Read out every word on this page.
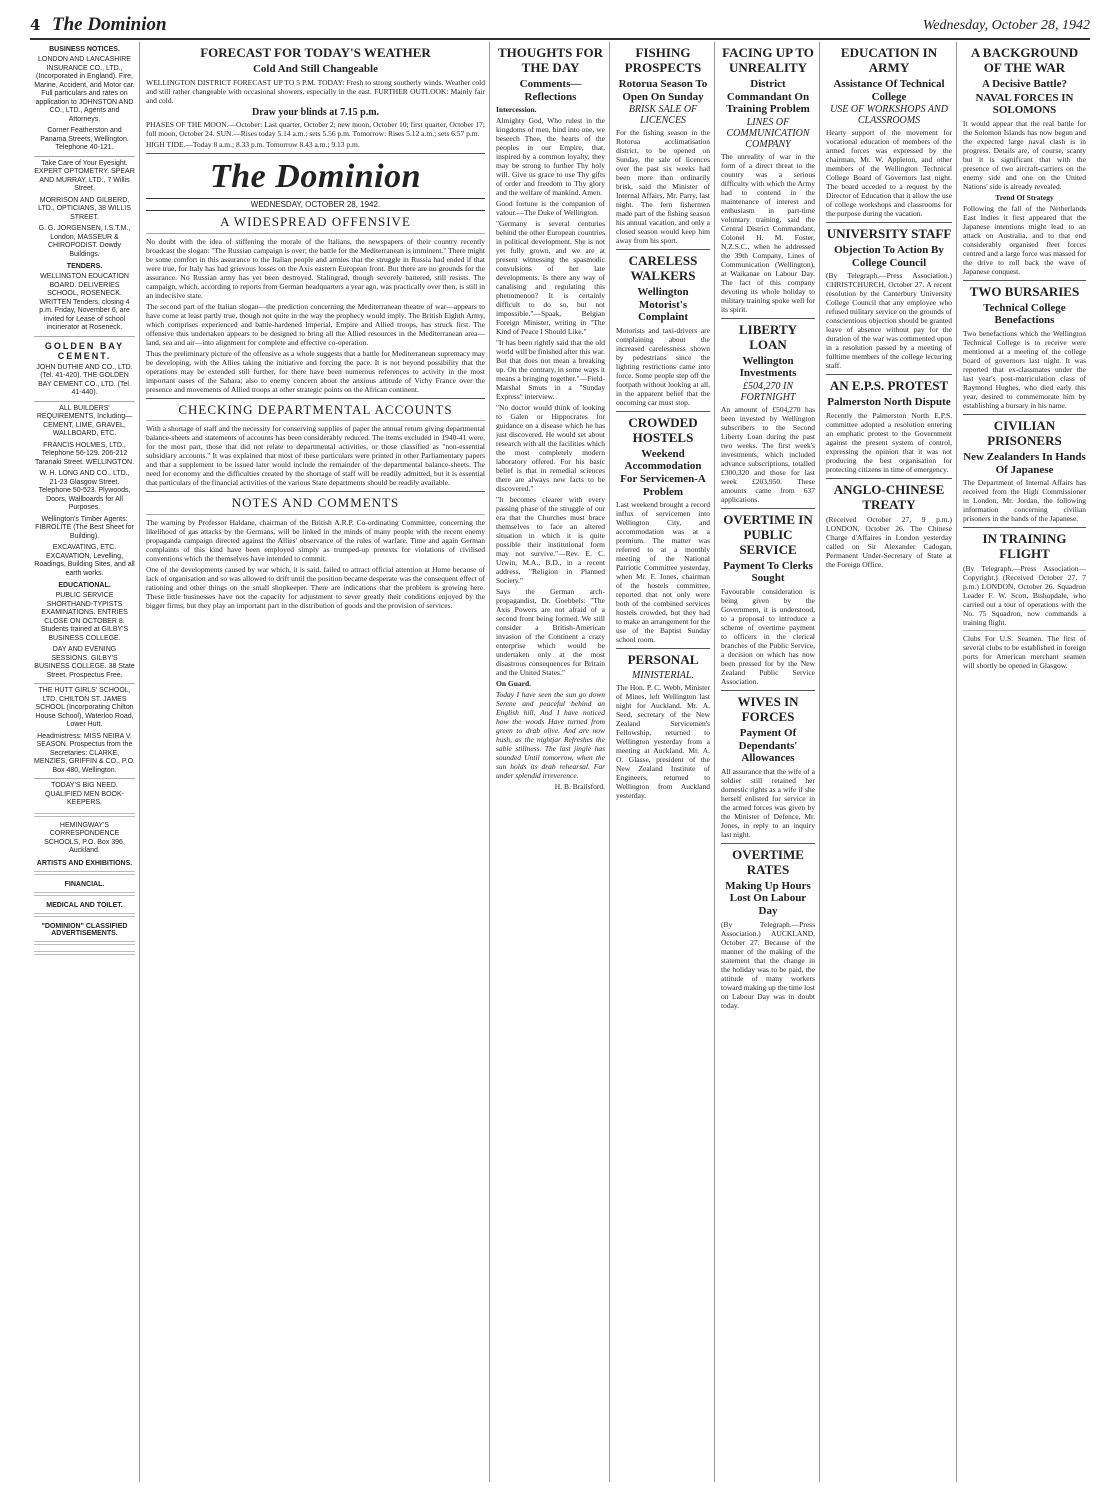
4 The Dominion	Wednesday, October 28, 1942
BUSINESS NOTICES.
LONDON AND LANCASHIRE INSURANCE CO., LTD., (Incorporated in England). Fire, Marine, Accident, and Motor car. Full particulars and rates on application to JOHNSTON AND CO., LTD., Agents and Attorneys.
Corner Featherston and Panama Streets, Wellington. Telephone 40-121.
Take Care of Your Eyesight. EXPERT OPTOMETRY. SPEAR AND MURRAY, LTD., 7 Willis Street.
MORRISON AND GILBERD, LTD., OPTICIANS, 38 WILLIS STREET.
G. G. JORGENSEN, I.S.T.M., London, MASSEUR & CHIROPODIST. Dowdy Buildings.
TENDERS.
WELLINGTON EDUCATION BOARD. DELIVERIES SCHOOL, ROSENECK. WRITTEN Tenders, closing 4 p.m. Friday, November 6, are invited for Lease of school incinerator at Roseneck.
GOLDEN BAY CEMENT.
JOHN DUTHIE AND CO., LTD. (Tel. 41-420). THE GOLDEN BAY CEMENT CO., LTD. (Tel. 41-440).
ALL BUILDERS' REQUIREMENTS, Including— CEMENT, LIME, GRAVEL, WALLBOARD, ETC.
FRANCIS HOLMES, LTD., Telephone 56-129. 206-212 Taranaki Street. WELLINGTON.
W. H. LONG AND CO., LTD., 21-23 Glasgow Street. Telephone 50-523. Plywoods, Doors, Wallboards for All Purposes.
Wellington's Timber Agents: FIBROLITE (The Best Sheet for Building).
EXCAVATING, ETC. EXCAVATION, Levelling, Roadings, Building Sites, and all earth works.
EDUCATIONAL.
PUBLIC SERVICE SHORTHAND-TYPISTS EXAMINATIONS. ENTRIES CLOSE ON OCTOBER 8. Students trained at GILBY'S BUSINESS COLLEGE.
DAY AND EVENING SESSIONS. GILBY'S BUSINESS COLLEGE. 38 State Street. Prospectus Free.
THE HUTT GIRLS' SCHOOL, LTD. CHILTON ST. JAMES SCHOOL (Incorporating Chilton House School), Waterloo Road, Lower Hutt.
Headmistress: MISS NEIRA V. SEASON. Prospectus from the Secretaries: CLARKE, MENZIES, GRIFFIN & CO., P.O. Box 480, Wellington.
TODAY'S BIG NEED. QUALIFIED MEN BOOK-KEEPERS.
HEMINGWAY'S CORRESPONDENCE SCHOOLS, P.O. Box 396, Auckland.
ARTISTS AND EXHIBITIONS.
FINANCIAL.
MEDICAL AND TOILET.
"DOMINION" CLASSIFIED ADVERTISEMENTS.
FORECAST FOR TODAY'S WEATHER
Cold And Still Changeable
WELLINGTON DISTRICT FORECAST UP TO 5 P.M. TODAY: Fresh to strong southerly winds. Weather cold and still rather changeable with occasional showers, especially in the east. FURTHER OUTLOOK: Mainly fair and cold.
Draw your blinds at 7.15 p.m.
PHASES OF THE MOON.—October: Last quarter, October 2; new moon, October 10; first quarter, October 17; full moon, October 24. SUN.—Rises today 5.14 a.m.; sets 5.56 p.m. Tomorrow: Rises 5.12 a.m.; sets 6.57 p.m.
HIGH TIDE.—Today 8 a.m.; 8.33 p.m. Tomorrow 8.43 a.m.; 9.13 p.m.
The Dominion
WEDNESDAY, OCTOBER 28, 1942.
A WIDESPREAD OFFENSIVE
No doubt with the idea of stiffening the morale of the Italians, the newspapers of their country recently broadcast the slogan: "The Russian campaign is over; the battle for the Mediterranean is imminent." There might be some comfort in this assurance to the Italian people and armies that the struggle in Russia had ended if that were true, for Italy has had grievous losses on the Axis eastern European front. But there are no grounds for the assurance. No Russian army has yet been destroyed. Stalingrad, though severely battered, still resists. The campaign, which, according to reports from German headquarters a year ago, was practically over then, is still in an indecisive state.
The second part of the Italian slogan—the prediction concerning the Mediterranean theatre of war—appears to have come at least partly true, though not quite in the way the prophecy would imply. The British Eighth Army, which comprises experienced and battle-hardened Imperial, Empire and Allied troops, has struck first. The offensive thus undertaken appears to be designed to bring all the Allied resources in the Mediterranean area—land, sea and air—into alignment for complete and effective co-operation.
Thus the preliminary picture of the offensive as a whole suggests that a battle for Mediterranean supremacy may be developing, with the Allies taking the initiative and forcing the pace. It is not beyond possibility that the operations may be extended still further, for there have been numerous references to activity in the most important oases of the Sahara; also to enemy concern about the anxious attitude of Vichy France over the presence and movements of Allied troops at other strategic points on the African continent.
CHECKING DEPARTMENTAL ACCOUNTS
With a shortage of staff and the necessity for conserving supplies of paper the annual return giving departmental balance-sheets and statements of accounts has been considerably reduced. The items excluded in 1940-41 were, for the most part, those that did not relate to departmental activities, or those classified as "non-essential subsidiary accounts." It was explained that most of these particulars were printed in other Parliamentary papers and that a supplement to be issued later would include the remainder of the departmental balance-sheets. The need for economy and the difficulties created by the shortage of staff will be readily admitted, but it is essential that particulars of the financial activities of the various State departments should be readily available.
NOTES AND COMMENTS
The warning by Professor Haldane, chairman of the British A.R.P. Co-ordinating Committee, concerning the likelihood of gas attacks by the Germans, will be linked in the minds of many people with the recent enemy propaganda campaign directed against the Allies' observance of the rules of warfare. Time and again German complaints of this kind have been employed simply as trumped-up pretexts for violations of civilised conventions which the themselves have intended to commit.
One of the developments caused by war which, it is said, failed to attract official attention at Home because of lack of organisation and so was allowed to drift until the position became desperate was the consequent effect of rationing and other things on the small shopkeeper. There are indications that the problem is growing here. These little businesses have not the capacity for adjustment to sever greatly their conditions enjoyed by the bigger firms, but they play an important part in the distribution of goods and the provision of services.
THOUGHTS FOR THE DAY
Comments—Reflections
Intercession.
Almighty God, Who rulest in the kingdoms of men, bind into one, we beseech Thee, the hearts of the peoples in our Empire, that, inspired by a common loyalty, they may be strong to further Thy holy will. Give us grace to use Thy gifts of order and freedom to Thy glory and the welfare of mankind. Amen.
Good fortune is the companion of valour.—The Duke of Wellington.
"Germany is several centuries behind the other European countries in political development. She is not yet fully grown, and we are at present witnessing the spasmodic convulsions of her late developments. Is there any way of canalising and regulating this phenomenon? It is certainly difficult to do so, but not impossible."—Spaak, Belgian Foreign Minister, writing in "The Kind of Peace I Should Like."
"It has been rightly said that the old world will be finished after this war. But that does not mean a breaking up. On the contrary, in some ways it means a bringing together."—Field-Marshal Smuts in a "Sunday Express" interview.
"No doctor would think of looking to Galen or Hippocrates for guidance on a disease which he has just discovered. He would set about research with all the facilities which the most completely modern laboratory offered. For his basic belief is that in remedial sciences there are always new facts to be discovered."
"It becomes clearer with every passing phase of the struggle of our era that the Churches must brace themselves to face an altered situation in which it is quite possible their institutional form may not survive."—Rev. E. C. Urwin, M.A., B.D., in a recent address, "Religion in Planned Society."
Says the German arch-propagandist, Dr. Goebbels: "The Axis Powers are not afraid of a second front being formed. We still consider a British-American invasion of the Continent a crazy enterprise which would be undertaken only at the most disastrous consequences for Britain and the United States."
On Guard.
Today I have seen the sun go down Serene and peaceful behind an English hill, And I have noticed how the woods Have turned from green to drab olive. And are now hush, as the nightjar Refreshes the sable stillness. The last jingle has sounded Until tomorrow, when the sun holds its drab rehearsal. Far under splendid irreverence.
H. B. Brailsford.
FISHING PROSPECTS
Rotorua Season To Open On Sunday
BRISK SALE OF LICENCES
For the fishing season in the Rotorua acclimatisation district, to be opened on Sunday, the sale of licences over the past six weeks had been more than ordinarily brisk, said the Minister of Internal Affairs, Mr. Parry, last night. The fern fishermen made part of the fishing season his annual vacation, and only a closed season would keep him away from his sport.
CARELESS WALKERS
Wellington Motorist's Complaint
Motorists and taxi-drivers are complaining about the increased carelessness shown by pedestrians since the lighting restrictions came into force. Some people step off the footpath without looking at all, in the apparent belief that the oncoming car must stop.
CROWDED HOSTELS
Weekend Accommodation For Servicemen-A Problem
Last weekend brought a record influx of servicemen into Wellington City, and accommodation was at a premium. The matter was referred to at a monthly meeting of the National Patriotic Committee yesterday, when Mr. F. Jones, chairman of the hostels committee, reported that not only were both of the combined services hostels crowded, but they had to make an arrangement for the use of the Baptist Sunday school room.
PERSONAL
MINISTERIAL.
The Hon. P. C. Webb, Minister of Mines, left Wellington last night for Auckland. Mr. A. Seed, secretary of the New Zealand Servicemen's Fellowship, returned to Wellington yesterday from a meeting at Auckland. Mr. A. O. Glasse, president of the New Zealand Institute of Engineers, returned to Wellington from Auckland yesterday.
FACING UP TO UNREALITY
District Commandant On Training Problem
LINES OF COMMUNICATION COMPANY
The unreality of war in the form of a direct threat to the country was a serious difficulty with which the Army had to contend in the maintenance of interest and enthusiasm in part-time voluntary training, said the Central District Commandant, Colonel H. M. Foster, N.Z.S.C., when he addressed the 39th Company, Lines of Communication (Wellington), at Waikanae on Labour Day. The fact of this company devoting its whole holiday to military training spoke well for its spirit.
LIBERTY LOAN
Wellington Investments
£504,270 IN FORTNIGHT
An amount of £504,270 has been invested by Wellington subscribers to the Second Liberty Loan during the past two weeks. The first week's investments, which included advance subscriptions, totalled £300,320 and those for last week £203,950. These amounts came from 637 applications.
OVERTIME IN PUBLIC SERVICE
Payment To Clerks Sought
Favourable consideration is being given by the Government, it is understood, to a proposal to introduce a scheme of overtime payment to officers in the clerical branches of the Public Service, a decision on which has now been pressed for by the New Zealand Public Service Association.
WIVES IN FORCES
Payment Of Dependants' Allowances
All assurance that the wife of a soldier still retained her domestic rights as a wife if she herself enlisted for service in the armed forces was given by the Minister of Defence, Mr. Jones, in reply to an inquiry last night.
OVERTIME RATES
Making Up Hours Lost On Labour Day
(By Telegraph.—Press Association.) AUCKLAND, October 27. Because of the manner of the making of the statement that the change in the holiday was to be paid, the attitude of many workers toward making up the time lost on Labour Day was in doubt today.
EDUCATION IN ARMY
Assistance Of Technical College
USE OF WORKSHOPS AND CLASSROOMS
Hearty support of the movement for vocational education of members of the armed forces was expressed by the chairman, Mr. W. Appleton, and other members of the Wellington Technical College Board of Governors last night. The board acceded to a request by the Director of Education that it allow the use of college workshops and classrooms for the purpose during the vacation.
UNIVERSITY STAFF
Objection To Action By College Council
(By Telegraph.—Press Association.) CHRISTCHURCH, October 27. A recent resolution by the Canterbury University College Council that any employee who refused military service on the grounds of conscientious objection should be granted leave of absence without pay for the duration of the war was commented upon in a resolution passed by a meeting of fulltime members of the college lecturing staff.
AN E.P.S. PROTEST
Palmerston North Dispute
Recently the Palmerston North E.P.S. committee adopted a resolution entering an emphatic protest to the Government against the present system of control, expressing the opinion that it was not producing the best organisation for protecting citizens in time of emergency.
ANGLO-CHINESE TREATY
(Received October 27, 9 p.m.) LONDON, October 26. The Chinese Charge d'Affaires in London yesterday called on Sir Alexander Cadogan, Permanent Under-Secretary of State at the Foreign Office.
A BACKGROUND OF THE WAR
A Decisive Battle?
NAVAL FORCES IN SOLOMONS
It would appear that the real battle for the Solomon Islands has now begun and the expected large naval clash is in progress. Details are, of course, scanty but it is significant that with the presence of two aircraft-carriers on the enemy side and one on the United Nations' side is already revealed.
Trend Of Strategy
Following the fall of the Netherlands East Indies it first appeared that the Japanese intentions might lead to an attack on Australia, and to that end considerably organised fleet forces centred and a large force was massed for the drive to roll back the wave of Japanese conquest.
TWO BURSARIES
Technical College Benefactions
Two benefactions which the Wellington Technical College is to receive were mentioned at a meeting of the college board of governors last night. It was reported that ex-classmates under the last year's post-matriculation class of Raymond Hughes, who died early this year, desired to commemorate him by establishing a bursary in his name.
CIVILIAN PRISONERS
New Zealanders In Hands Of Japanese
The Department of Internal Affairs has received from the High Commissioner in London, Mr. Jordan, the following information concerning civilian prisoners in the hands of the Japanese.
IN TRAINING FLIGHT
(By Telegraph.—Press Association—Copyright.) (Received October 27, 7 p.m.) LONDON, October 26. Squadron Leader F. W. Scott, Bishopdale, who carried out a tour of operations with the No. 75 Squadron, now commands a training flight.
Clubs For U.S. Seamen. The first of several clubs to be established in foreign ports for American merchant seamen will shortly be opened in Glasgow.
